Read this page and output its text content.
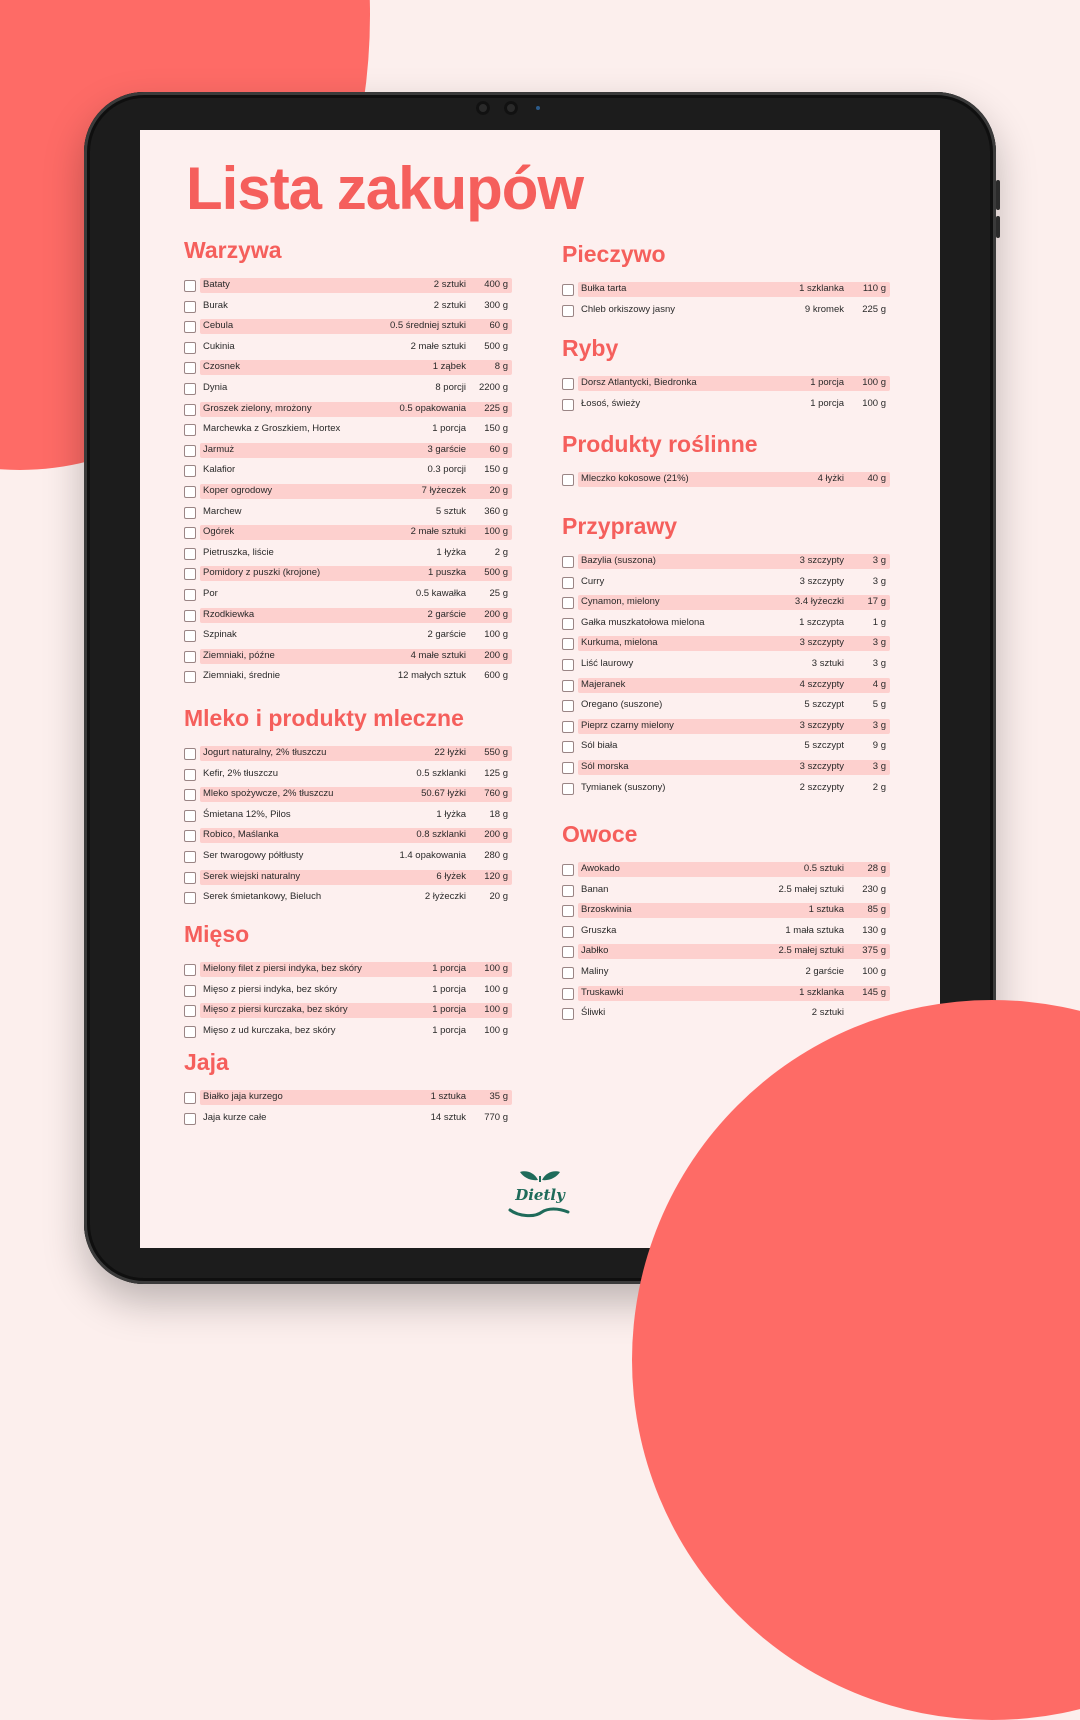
Lista zakupów
Warzywa
Bataty	2 sztuki 400 g
Burak	2 sztuki 300 g
Cebula	0.5 średniej sztuki 60 g
Cukinia	2 małe sztuki 500 g
Czosnek	1 ząbek	8 g
Dynia	8 porcji 2200 g
Groszek zielony, mrożony	0.5 opakowania 225 g
Marchewka z Groszkiem, Hortex	1 porcja 150 g
Jarmuż	3 garście 60 g
Kalafior	0.3 porcji 150 g
Koper ogrodowy	7 łyżeczek 20 g
Marchew	5 sztuk 360 g
Ogórek	2 małe sztuki 100 g
Pietruszka, liście	1 łyżka	2 g
Pomidory z puszki (krojone)	1 puszka 500 g
Por	0.5 kawałka 25 g
Rzodkiewka	2 garście 200 g
Szpinak	2 garście 100 g
Ziemniaki, późne	4 małe sztuki 200 g
Ziemniaki, średnie	12 małych sztuk 600 g
Mleko i produkty mleczne
Jogurt naturalny, 2% tłuszczu	22 łyżki 550 g
Kefir, 2% tłuszczu	0.5 szklanki 125 g
Mleko spożywcze, 2% tłuszczu	50.67 łyżki 760 g
Śmietana 12%, Pilos	1 łyżka 18 g
Robico, Maślanka	0.8 szklanki 200 g
Ser twarogowy półtłusty	1.4 opakowania 280 g
Serek wiejski naturalny	6 łyżek 120 g
Serek śmietankowy, Bieluch	2 łyżeczki 20 g
Mięso
Mielony filet z piersi indyka, bez skóry	1 porcja 100 g
Mięso z piersi indyka, bez skóry	1 porcja 100 g
Mięso z piersi kurczaka, bez skóry	1 porcja 100 g
Mięso z ud kurczaka, bez skóry	1 porcja 100 g
Jaja
Białko jaja kurzego	1 sztuka 35 g
Jaja kurze całe	14 sztuk 770 g
Pieczywo
Bułka tarta	1 szklanka 110 g
Chleb orkiszowy jasny	9 kromek 225 g
Ryby
Dorsz Atlantycki, Biedronka	1 porcja 100 g
Łosoś, świeży	1 porcja 100 g
Produkty roślinne
Mleczko kokosowe (21%)	4 łyżki 40 g
Przyprawy
Bazylia (suszona)	3 szczypty	3 g
Curry	3 szczypty	3 g
Cynamon, mielony	3.4 łyżeczki 17 g
Gałka muszkatołowa mielona	1 szczypta	1 g
Kurkuma, mielona	3 szczypty	3 g
Liść laurowy	3 sztuki	3 g
Majeranek	4 szczypty	4 g
Oregano (suszone)	5 szczypt	5 g
Pieprz czarny mielony	3 szczypty	3 g
Sól biała	5 szczypt	9 g
Sól morska	3 szczypty	3 g
Tymianek (suszony)	2 szczypty	2 g
Owoce
Awokado	0.5 sztuki 28 g
Banan	2.5 małej sztuki 230 g
Brzoskwinia	1 sztuka 85 g
Gruszka	1 mała sztuka 130 g
Jabłko	2.5 małej sztuki 375 g
Maliny	2 garście 100 g
Truskawki	1 szklanka 145 g
Śliwki	2 sztuki
Dietly
